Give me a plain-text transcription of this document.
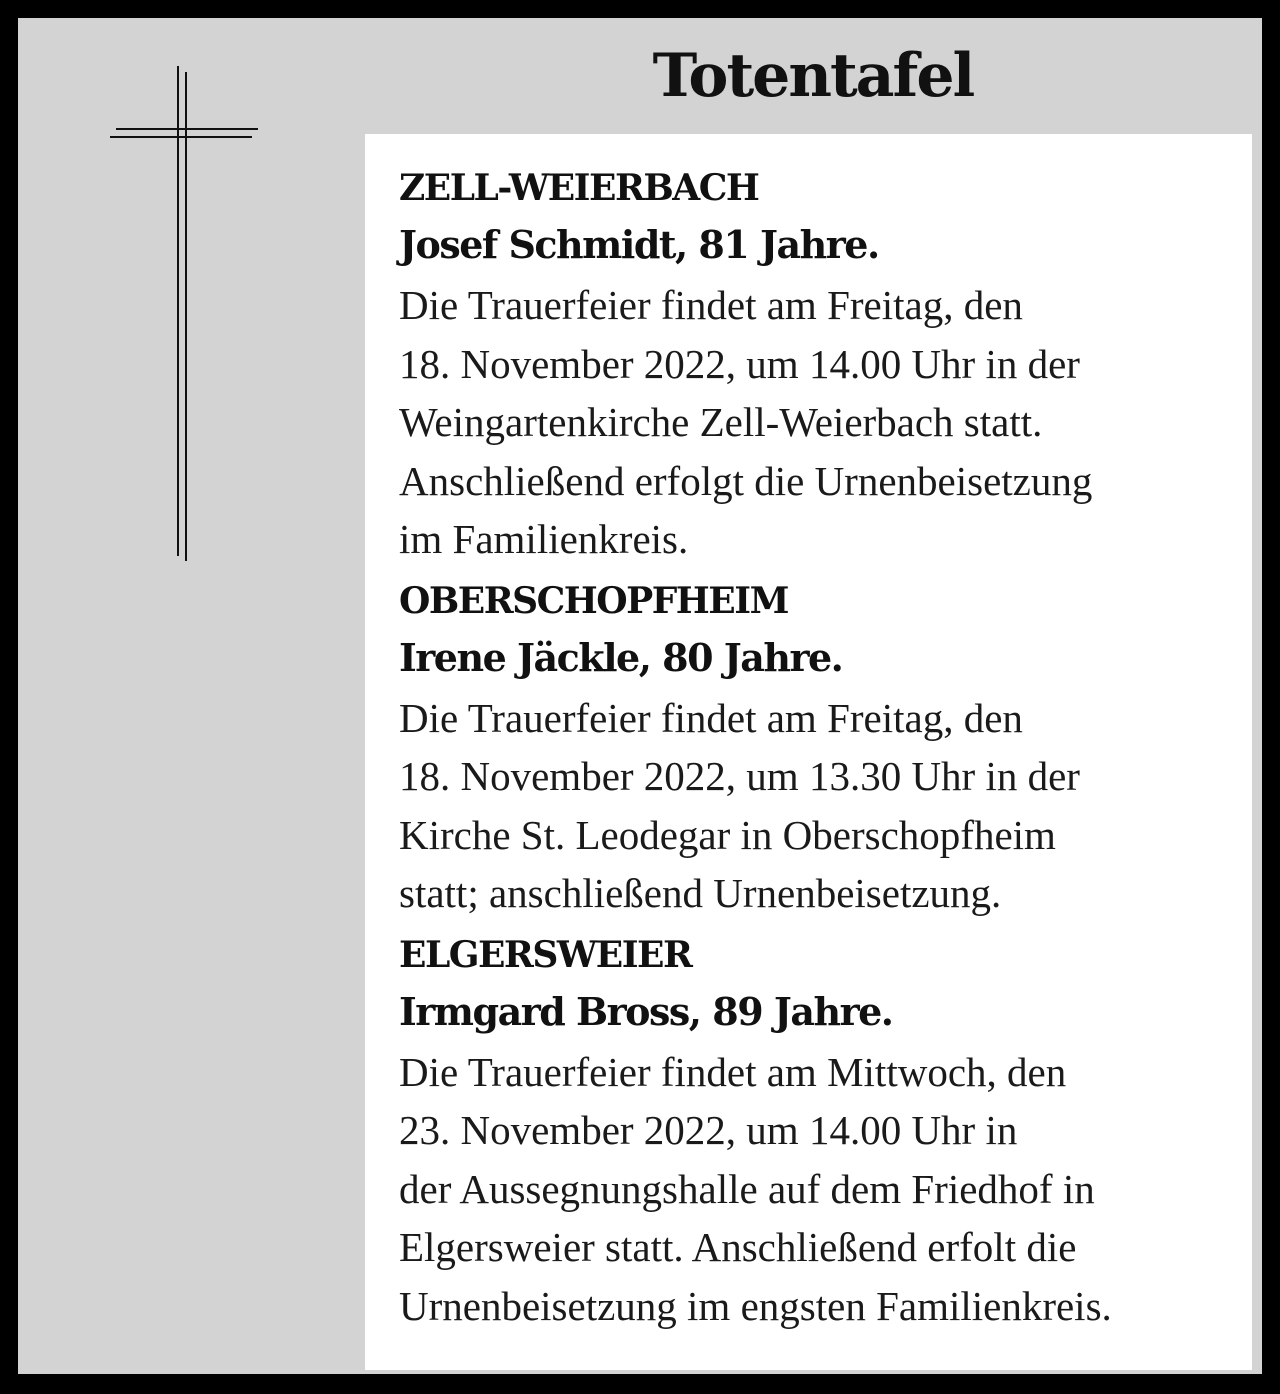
Totentafel
ZELL-WEIERBACH
Josef Schmidt, 81 Jahre.
Die Trauerfeier findet am Freitag, den
18. November 2022, um 14.00 Uhr in der
Weingartenkirche Zell-Weierbach statt.
Anschließend erfolgt die Urnenbeisetzung
im Familienkreis.
OBERSCHOPFHEIM
Irene Jäckle, 80 Jahre.
Die Trauerfeier findet am Freitag, den
18. November 2022, um 13.30 Uhr in der
Kirche St. Leodegar in Oberschopfheim
statt; anschließend Urnenbeisetzung.
ELGERSWEIER
Irmgard Bross, 89 Jahre.
Die Trauerfeier findet am Mittwoch, den
23. November 2022, um 14.00 Uhr in
der Aussegnungshalle auf dem Friedhof in
Elgersweier statt. Anschließend erfolt die
Urnenbeisetzung im engsten Familienkreis.
